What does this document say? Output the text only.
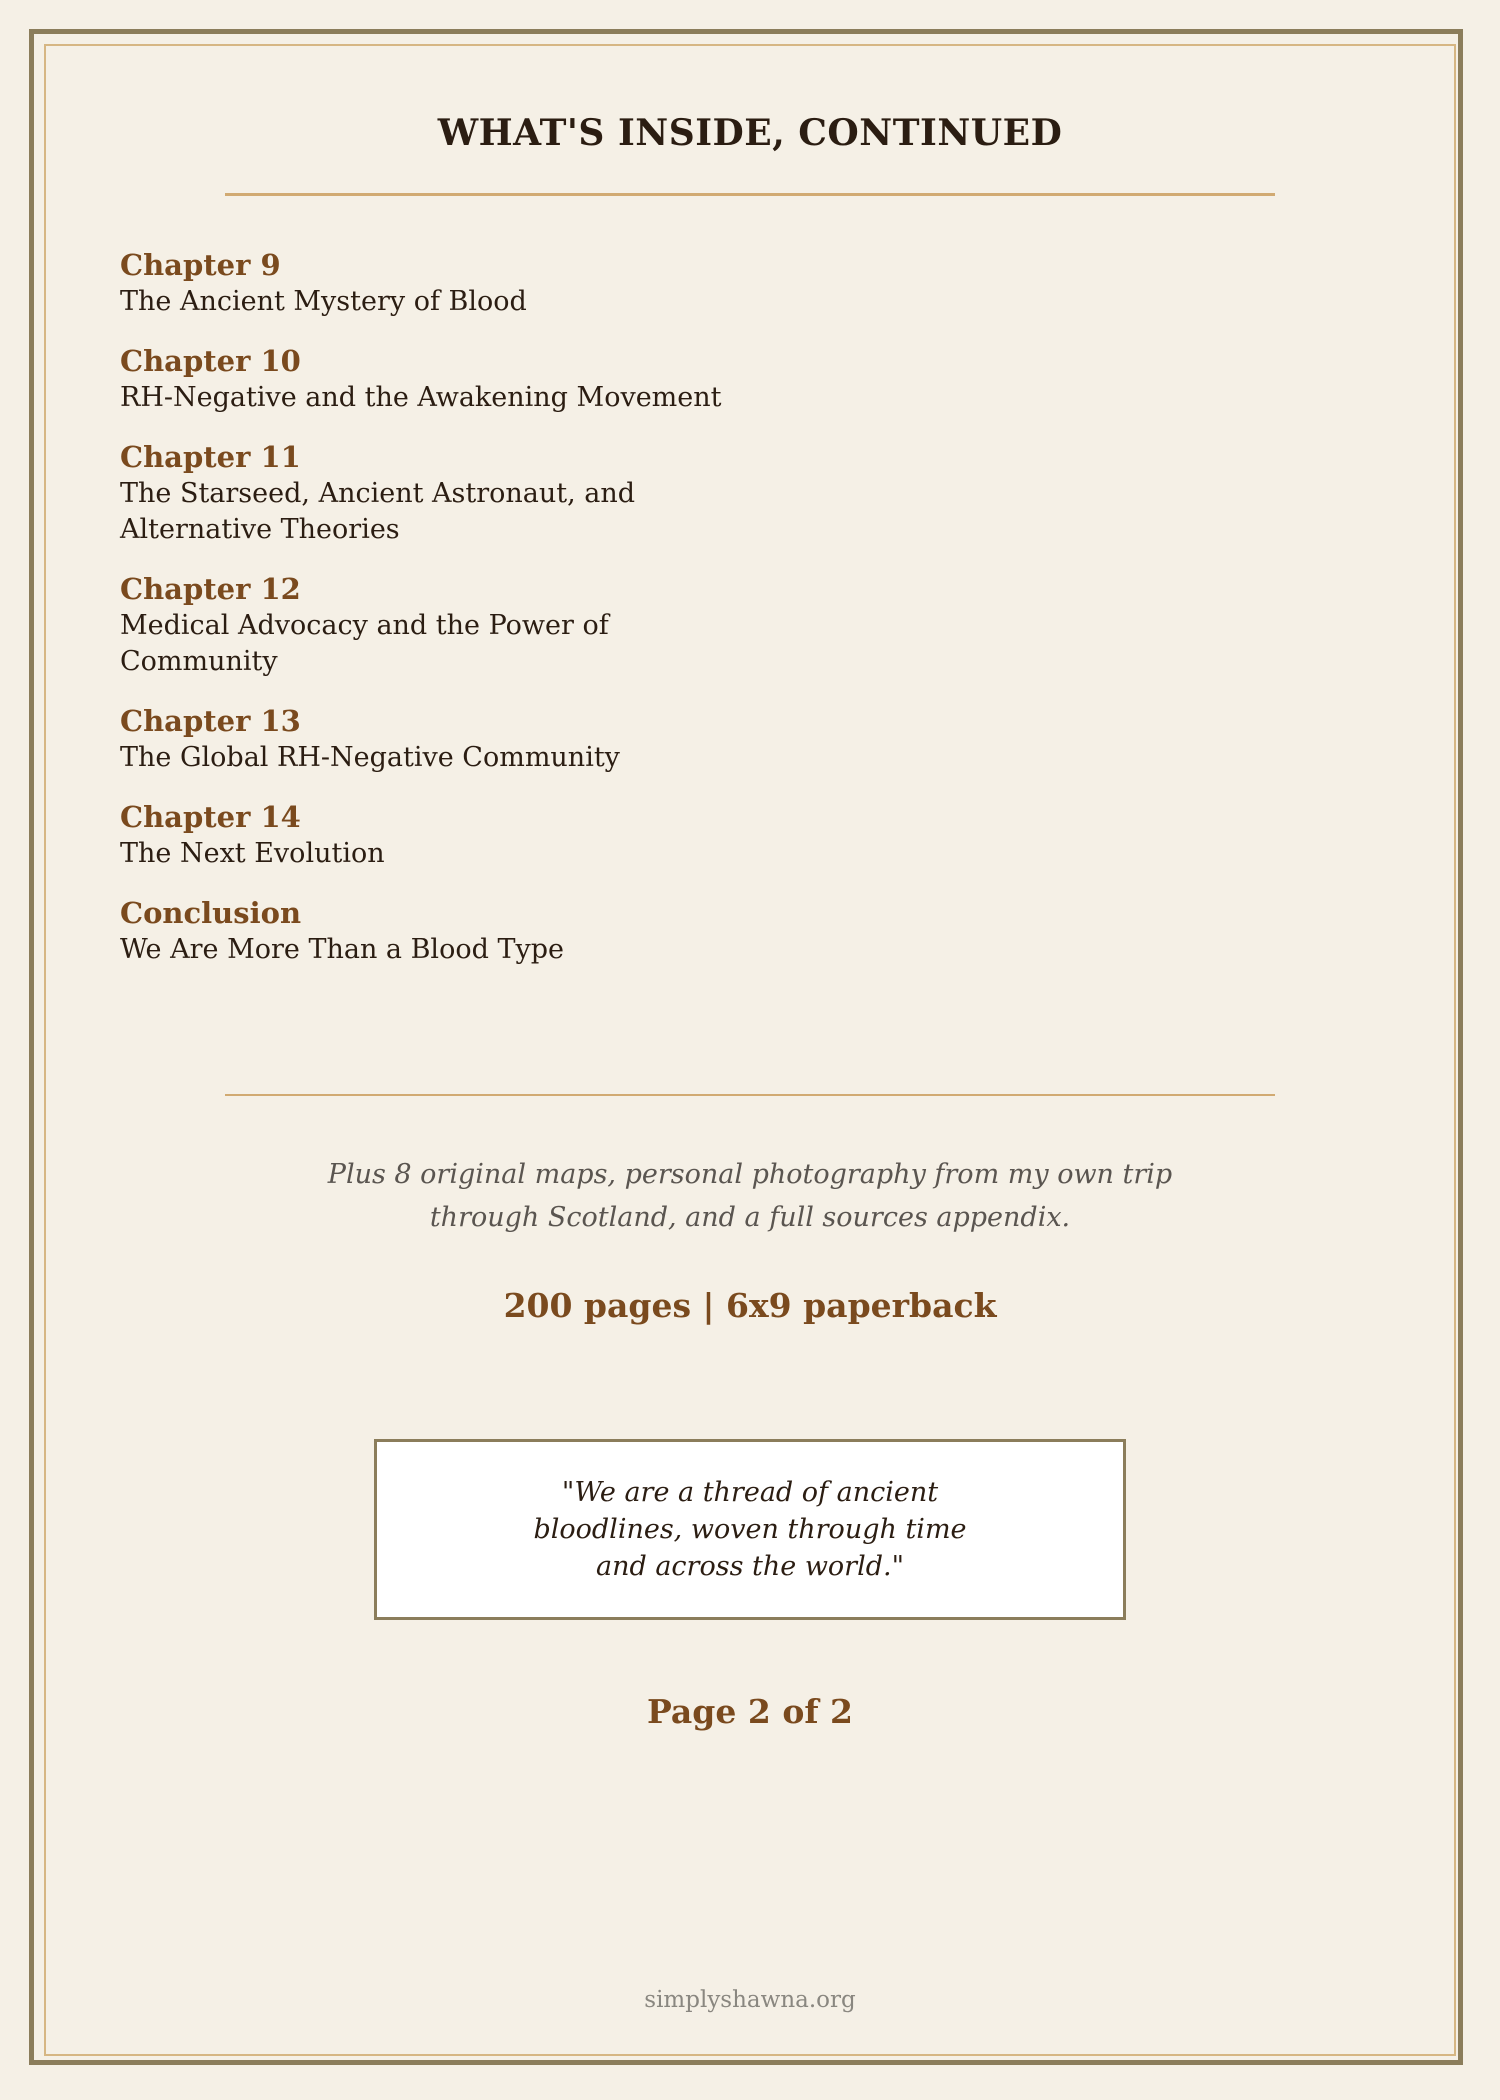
WHAT'S INSIDE, CONTINUED
Chapter 9
The Ancient Mystery of Blood
Chapter 10
RH-Negative and the Awakening Movement
Chapter 11
The Starseed, Ancient Astronaut, and Alternative Theories
Chapter 12
Medical Advocacy and the Power of Community
Chapter 13
The Global RH-Negative Community
Chapter 14
The Next Evolution
Conclusion
We Are More Than a Blood Type
Plus 8 original maps, personal photography from my own trip through Scotland, and a full sources appendix.
200 pages | 6x9 paperback
"We are a thread of ancient bloodlines, woven through time and across the world."
Page 2 of 2
simplyshawna.org
